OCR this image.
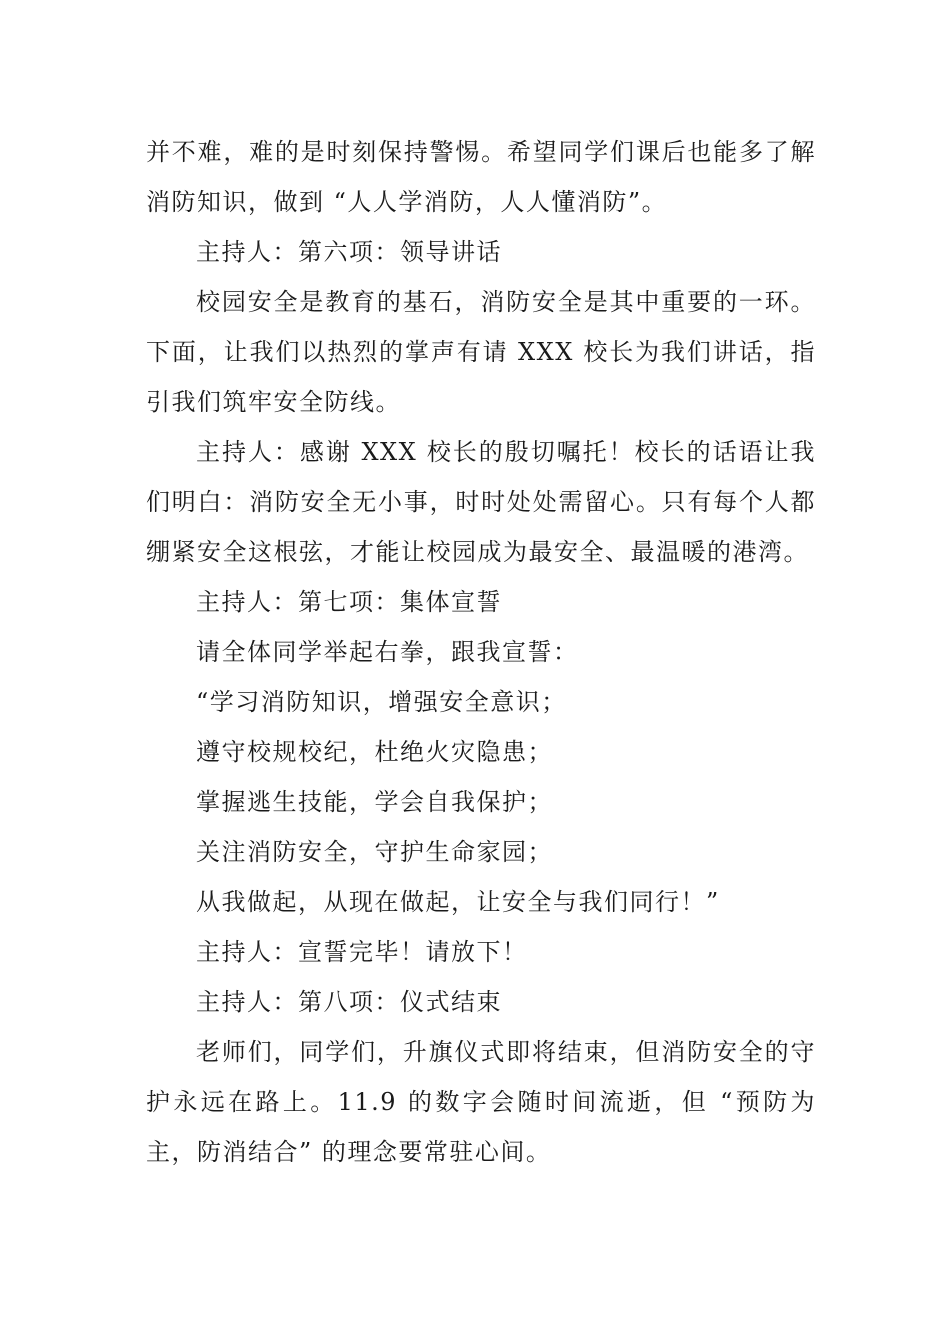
并不难，难的是时刻保持警惕。希望同学们课后也能多了解消防知识，做到 “人人学消防，人人懂消防”。

主持人：第六项：领导讲话

校园安全是教育的基石，消防安全是其中重要的一环。下面，让我们以热烈的掌声有请 XXX 校长为我们讲话，指引我们筑牢安全防线。

主持人：感谢 XXX 校长的殷切嘱托！校长的话语让我们明白：消防安全无小事，时时处处需留心。只有每个人都绷紧安全这根弦，才能让校园成为最安全、最温暖的港湾。

主持人：第七项：集体宣誓

请全体同学举起右拳，跟我宣誓：

“学习消防知识，增强安全意识；

遵守校规校纪，杜绝火灾隐患；

掌握逃生技能，学会自我保护；

关注消防安全，守护生命家园；

从我做起，从现在做起，让安全与我们同行！”

主持人：宣誓完毕！请放下！

主持人：第八项：仪式结束

老师们，同学们，升旗仪式即将结束，但消防安全的守护永远在路上。11.9 的数字会随时间流逝，但 “预防为主，防消结合” 的理念要常驻心间。
